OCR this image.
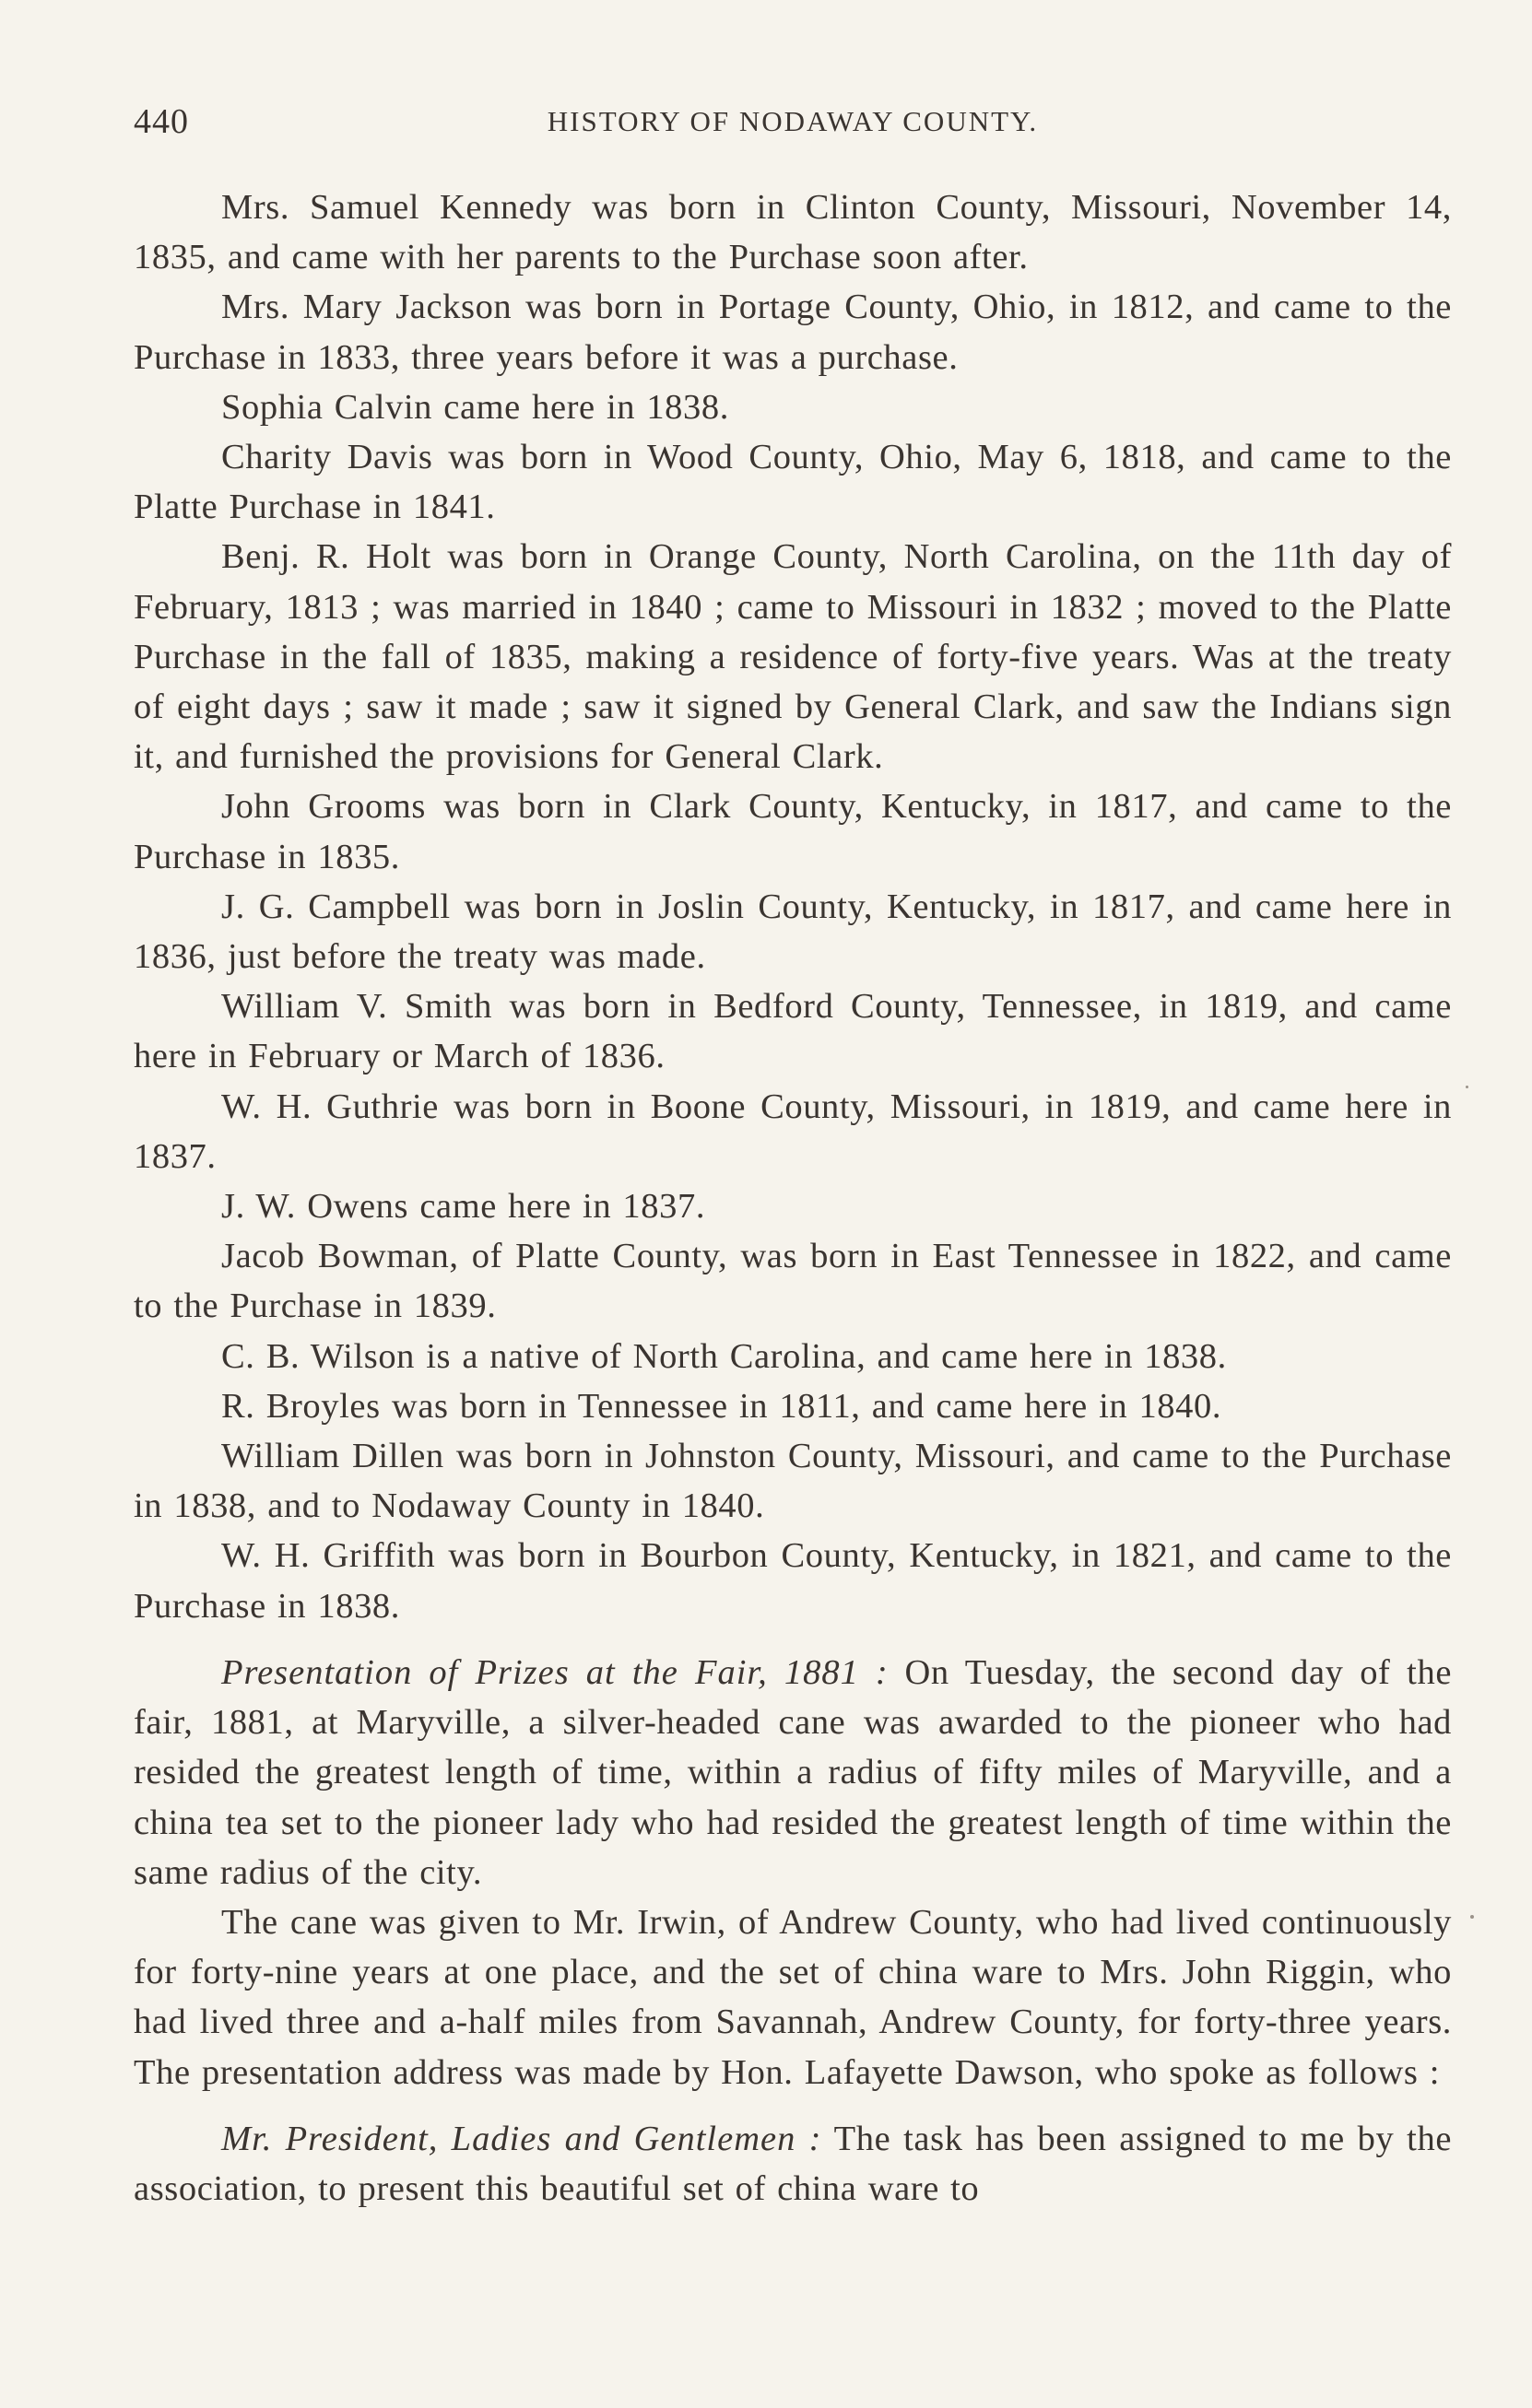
440	HISTORY OF NODAWAY COUNTY.

Mrs. Samuel Kennedy was born in Clinton County, Missouri, November 14, 1835, and came with her parents to the Purchase soon after.

Mrs. Mary Jackson was born in Portage County, Ohio, in 1812, and came to the Purchase in 1833, three years before it was a purchase.

Sophia Calvin came here in 1838.

Charity Davis was born in Wood County, Ohio, May 6, 1818, and came to the Platte Purchase in 1841.

Benj. R. Holt was born in Orange County, North Carolina, on the 11th day of February, 1813 ; was married in 1840 ; came to Missouri in 1832 ; moved to the Platte Purchase in the fall of 1835, making a residence of forty-five years. Was at the treaty of eight days ; saw it made ; saw it signed by General Clark, and saw the Indians sign it, and furnished the provisions for General Clark.

John Grooms was born in Clark County, Kentucky, in 1817, and came to the Purchase in 1835.

J. G. Campbell was born in Joslin County, Kentucky, in 1817, and came here in 1836, just before the treaty was made.

William V. Smith was born in Bedford County, Tennessee, in 1819, and came here in February or March of 1836.

W. H. Guthrie was born in Boone County, Missouri, in 1819, and came here in 1837.

J. W. Owens came here in 1837.

Jacob Bowman, of Platte County, was born in East Tennessee in 1822, and came to the Purchase in 1839.

C. B. Wilson is a native of North Carolina, and came here in 1838.

R. Broyles was born in Tennessee in 1811, and came here in 1840.

William Dillen was born in Johnston County, Missouri, and came to the Purchase in 1838, and to Nodaway County in 1840.

W. H. Griffith was born in Bourbon County, Kentucky, in 1821, and came to the Purchase in 1838.

Presentation of Prizes at the Fair, 1881 : On Tuesday, the second day of the fair, 1881, at Maryville, a silver-headed cane was awarded to the pioneer who had resided the greatest length of time, within a radius of fifty miles of Maryville, and a china tea set to the pioneer lady who had resided the greatest length of time within the same radius of the city.

The cane was given to Mr. Irwin, of Andrew County, who had lived continuously for forty-nine years at one place, and the set of china ware to Mrs. John Riggin, who had lived three and a-half miles from Savannah, Andrew County, for forty-three years. The presentation address was made by Hon. Lafayette Dawson, who spoke as follows :

Mr. President, Ladies and Gentlemen : The task has been assigned to me by the association, to present this beautiful set of china ware to
